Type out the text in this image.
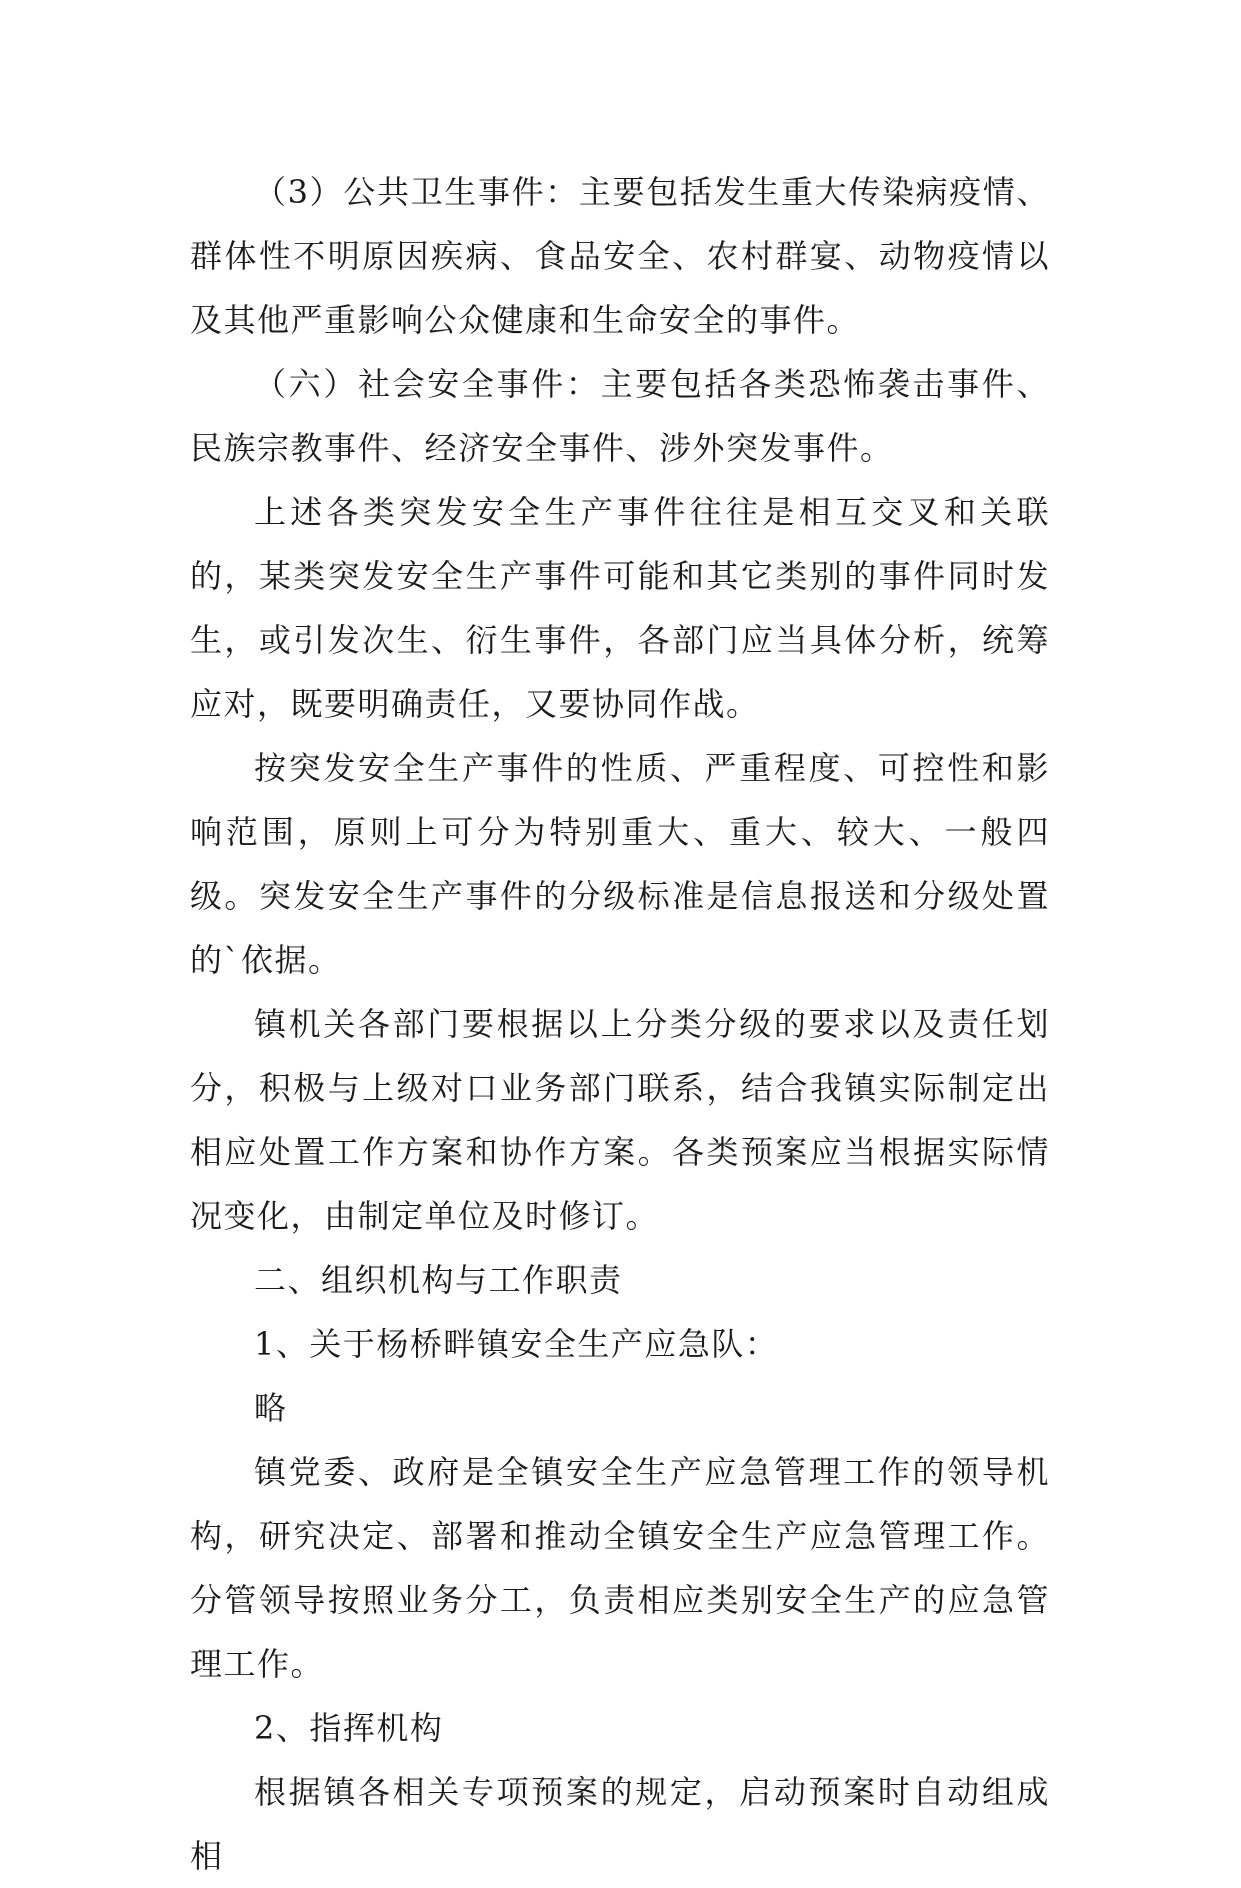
（3）公共卫生事件：主要包括发生重大传染病疫情、群体性不明原因疾病、食品安全、农村群宴、动物疫情以及其他严重影响公众健康和生命安全的事件。

（六）社会安全事件：主要包括各类恐怖袭击事件、民族宗教事件、经济安全事件、涉外突发事件。

上述各类突发安全生产事件往往是相互交叉和关联的，某类突发安全生产事件可能和其它类别的事件同时发生，或引发次生、衍生事件，各部门应当具体分析，统筹应对，既要明确责任，又要协同作战。

按突发安全生产事件的性质、严重程度、可控性和影响范围，原则上可分为特别重大、重大、较大、一般四级。突发安全生产事件的分级标准是信息报送和分级处置的`依据。

镇机关各部门要根据以上分类分级的要求以及责任划分，积极与上级对口业务部门联系，结合我镇实际制定出相应处置工作方案和协作方案。各类预案应当根据实际情况变化，由制定单位及时修订。

二、组织机构与工作职责

1、关于杨桥畔镇安全生产应急队：

略

镇党委、政府是全镇安全生产应急管理工作的领导机构，研究决定、部署和推动全镇安全生产应急管理工作。分管领导按照业务分工，负责相应类别安全生产的应急管理工作。

2、指挥机构

根据镇各相关专项预案的规定，启动预案时自动组成相
